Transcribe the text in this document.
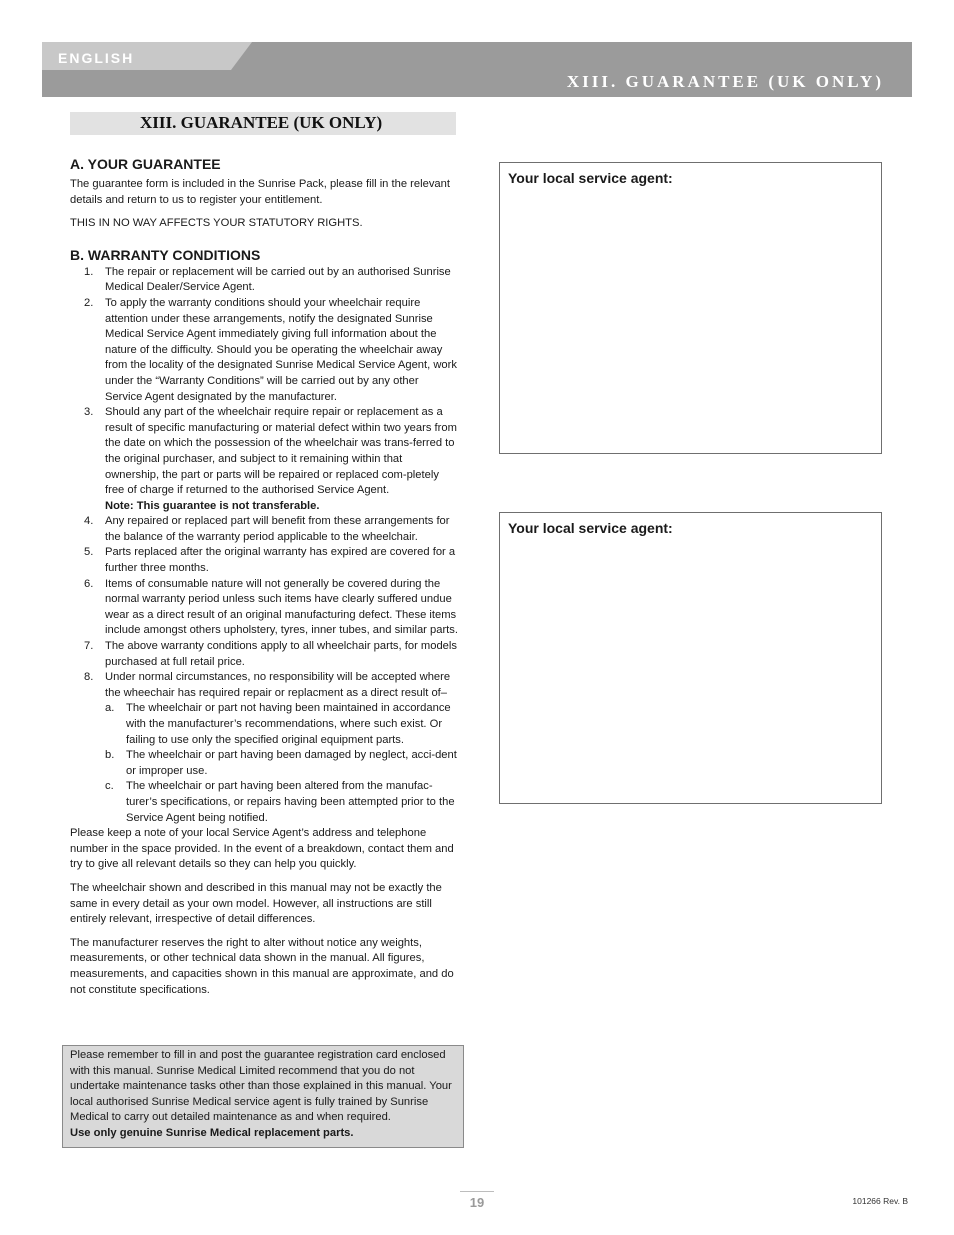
ENGLISH
XIII. GUARANTEE (UK ONLY)
XIII. GUARANTEE (UK ONLY)
A. YOUR GUARANTEE

The guarantee form is included in the Sunrise Pack, please fill in the relevant details and return to us to register your entitlement.

THIS IN NO WAY AFFECTS YOUR STATUTORY RIGHTS.

B. WARRANTY CONDITIONS
1. The repair or replacement will be carried out by an authorised Sunrise Medical Dealer/Service Agent.
2. To apply the warranty conditions should your wheelchair require attention under these arrangements, notify the designated Sunrise Medical Service Agent immediately giving full information about the nature of the difficulty. Should you be operating the wheelchair away from the locality of the designated Sunrise Medical Service Agent, work under the “Warranty Conditions” will be carried out by any other Service Agent designated by the manufacturer.
3. Should any part of the wheelchair require repair or replacement as a result of specific manufacturing or material defect within two years from the date on which the possession of the wheelchair was trans-ferred to the original purchaser, and subject to it remaining within that ownership, the part or parts will be repaired or replaced com-pletely free of charge if returned to the authorised Service Agent.
Note: This guarantee is not transferable.
4. Any repaired or replaced part will benefit from these arrangements for the balance of the warranty period applicable to the wheelchair.
5. Parts replaced after the original warranty has expired are covered for a further three months.
6. Items of consumable nature will not generally be covered during the normal warranty period unless such items have clearly suffered undue wear as a direct result of an original manufacturing defect. These items include amongst others upholstery, tyres, inner tubes, and similar parts.
7. The above warranty conditions apply to all wheelchair parts, for models purchased at full retail price.
8. Under normal circumstances, no responsibility will be accepted where the wheechair has required repair or replacment as a direct result of–
a. The wheelchair or part not having been maintained in accordance with the manufacturer’s recommendations, where such exist. Or failing to use only the specified original equipment parts.
b. The wheelchair or part having been damaged by neglect, acci-dent or improper use.
c. The wheelchair or part having been altered from the manufac-turer’s specifications, or repairs having been attempted prior to the Service Agent being notified.

Please keep a note of your local Service Agent’s address and telephone number in the space provided. In the event of a breakdown, contact them and try to give all relevant details so they can help you quickly.

The wheelchair shown and described in this manual may not be exactly the same in every detail as your own model. However, all instructions are still entirely relevant, irrespective of detail differences.

The manufacturer reserves the right to alter without notice any weights, measurements, or other technical data shown in the manual. All figures, measurements, and capacities shown in this manual are approximate, and do not constitute specifications.

Please remember to fill in and post the guarantee registration card enclosed with this manual. Sunrise Medical Limited recommend that you do not undertake maintenance tasks other than those explained in this manual. Your local authorised Sunrise Medical service agent is fully trained by Sunrise Medical to carry out detailed maintenance as and when required.
Use only genuine Sunrise Medical replacement parts.
Your local service agent:
Your local service agent:
19	101266 Rev. B
